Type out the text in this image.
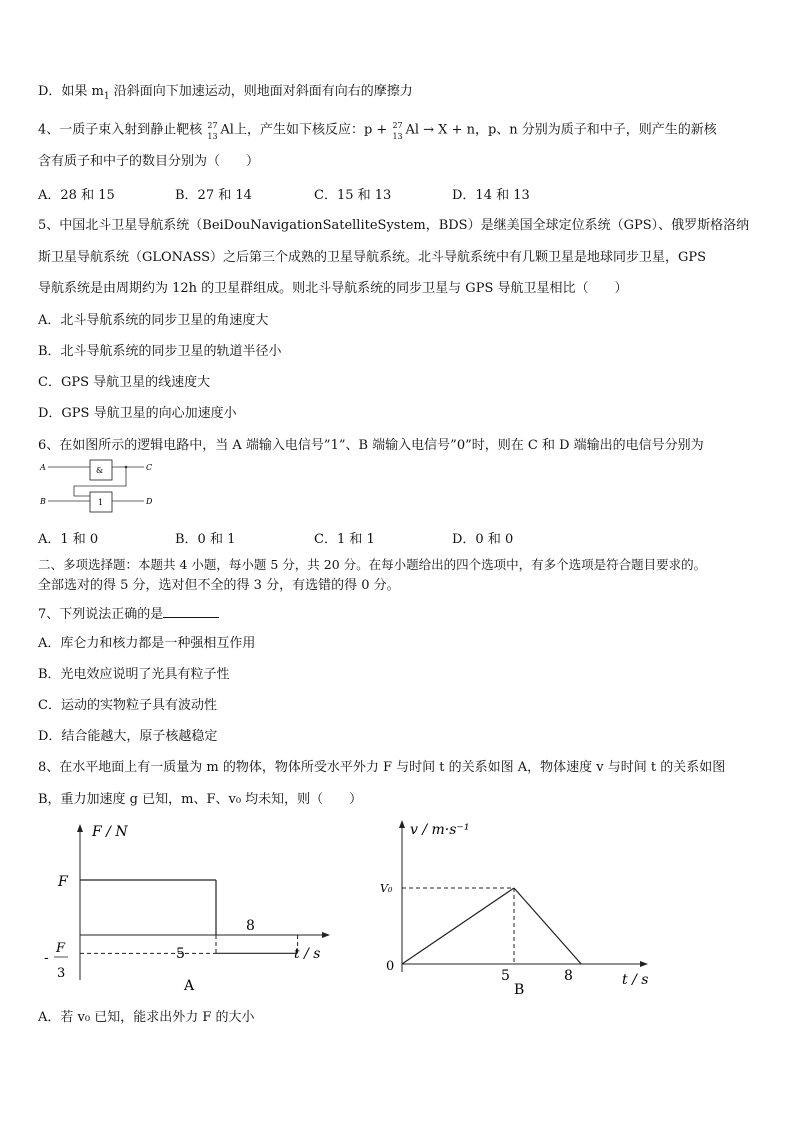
D．如果 $m_1$ 沿斜面向下加速运动，则地面对斜面有向右的摩擦力
4、一质子束入射到静止靶核 27
13 Al上，产生如下核反应：p + 27
13 Al → X + n，p、n 分别为质子和中子，则产生的新核
含有质子和中子的数目分别为（　　）
A．28 和 15	B．27 和 14	C．15 和 13	D．14 和 13
5、中国北斗卫星导航系统（BeiDouNavigationSatelliteSystem，BDS）是继美国全球定位系统（GPS）、俄罗斯格洛纳
斯卫星导航系统（GLONASS）之后第三个成熟的卫星导航系统。北斗导航系统中有几颗卫星是地球同步卫星，GPS
导航系统是由周期约为 12h 的卫星群组成。则北斗导航系统的同步卫星与 GPS 导航卫星相比（　　）
A．北斗导航系统的同步卫星的角速度大
B．北斗导航系统的同步卫星的轨道半径小
C．GPS 导航卫星的线速度大
D．GPS 导航卫星的向心加速度小
6、在如图所示的逻辑电路中，当 A 端输入电信号”1”、B 端输入电信号”0”时，则在 C 和 D 端输出的电信号分别为
A
B
C
D
&
1
A．1 和 0	B．0 和 1	C．1 和 1	D．0 和 0
二、多项选择题：本题共 4 小题，每小题 5 分，共 20 分。在每小题给出的四个选项中，有多个选项是符合题目要求的。
全部选对的得 5 分，选对但不全的得 3 分，有选错的得 0 分。
7、下列说法正确的是
A．库仑力和核力都是一种强相互作用
B．光电效应说明了光具有粒子性
C．运动的实物粒子具有波动性
D．结合能越大，原子核越稳定
8、在水平地面上有一质量为 m 的物体，物体所受水平外力 F 与时间 t 的关系如图 A，物体速度 v 与时间 t 的关系如图
B，重力加速度 g 已知，m、F、v₀ 均未知，则（　　）
F / N
t / s
F
-
F
3
5
8
A
v / m·s⁻¹
t / s
0
V₀
5	8
B
A．若 v₀ 已知，能求出外力 F 的大小
